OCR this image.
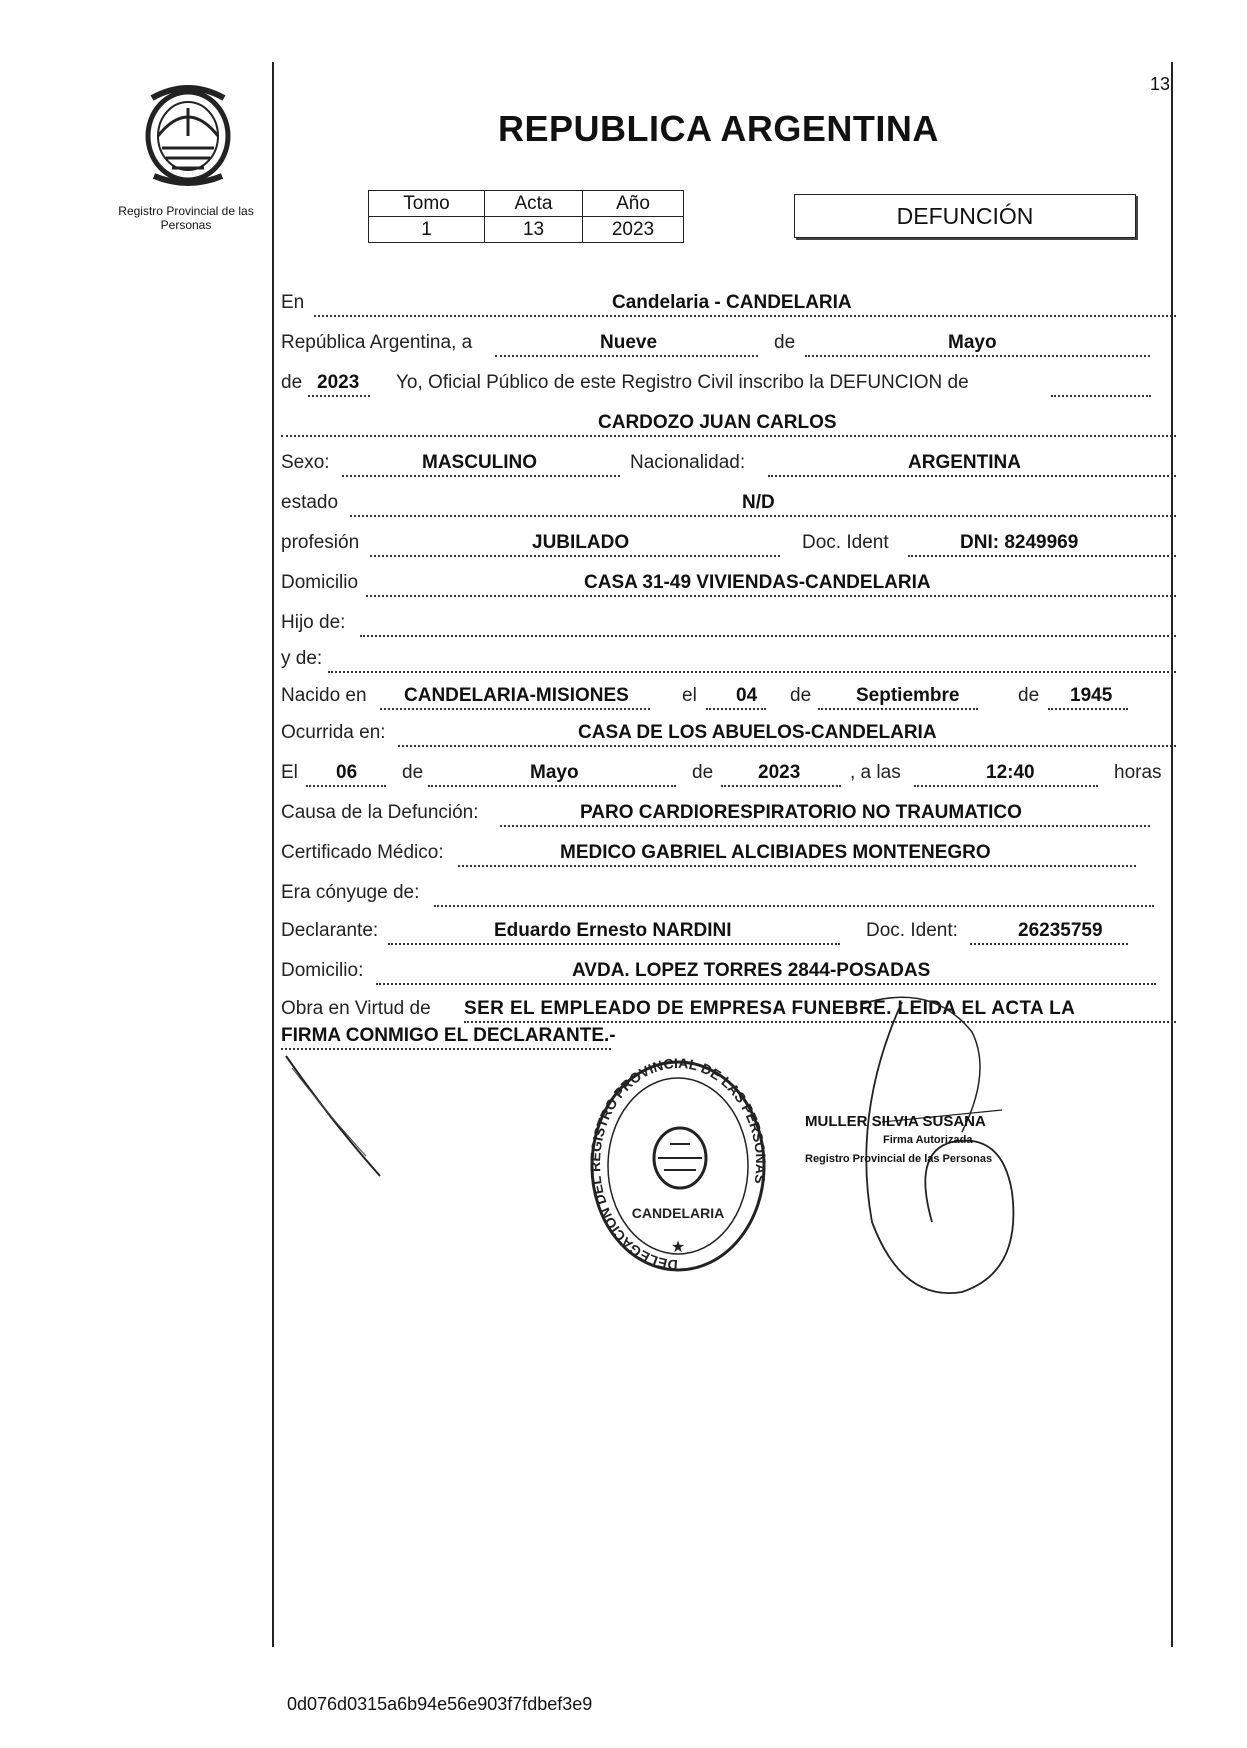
13
Registro Provincial de las Personas
REPUBLICA ARGENTINA
Tomo	Acta	Año
1	13	2023	DEFUNCIÓN
En	Candelaria - CANDELARIA
República Argentina, a	Nueve	de	Mayo
de 2023 Yo, Oficial Público de este Registro Civil inscribo la DEFUNCION de
CARDOZO JUAN CARLOS
Sexo:	MASCULINO	Nacionalidad:	ARGENTINA
estado	N/D
profesión	JUBILADO	Doc. Ident	DNI: 8249969
Domicilio	CASA 31-49 VIVIENDAS-CANDELARIA
Hijo de:
y de:
Nacido en CANDELARIA-MISIONES	el 04 de Septiembre	de 1945
Ocurrida en:	CASA DE LOS ABUELOS-CANDELARIA
El 06 de	Mayo	de 2023	, a las	12:40	horas
Causa de la Defunción:	PARO CARDIORESPIRATORIO NO TRAUMATICO
Certificado Médico:	MEDICO GABRIEL ALCIBIADES MONTENEGRO
Era cónyuge de:
Declarante:	Eduardo Ernesto NARDINI	Doc. Ident:	26235759
Domicilio:	AVDA. LOPEZ TORRES 2844-POSADAS
Obra en Virtud de SER EL EMPLEADO DE EMPRESA FUNEBRE. LEIDA EL ACTA LA
FIRMA CONMIGO EL DECLARANTE.-
DELEGACION DEL REGISTRO PROVINCIAL DE LAS PERSONAS
CANDELARIA
★
MULLER SILVIA SUSANA
Firma Autorizada
Registro Provincial de las Personas
0d076d0315a6b94e56e903f7fdbef3e9
